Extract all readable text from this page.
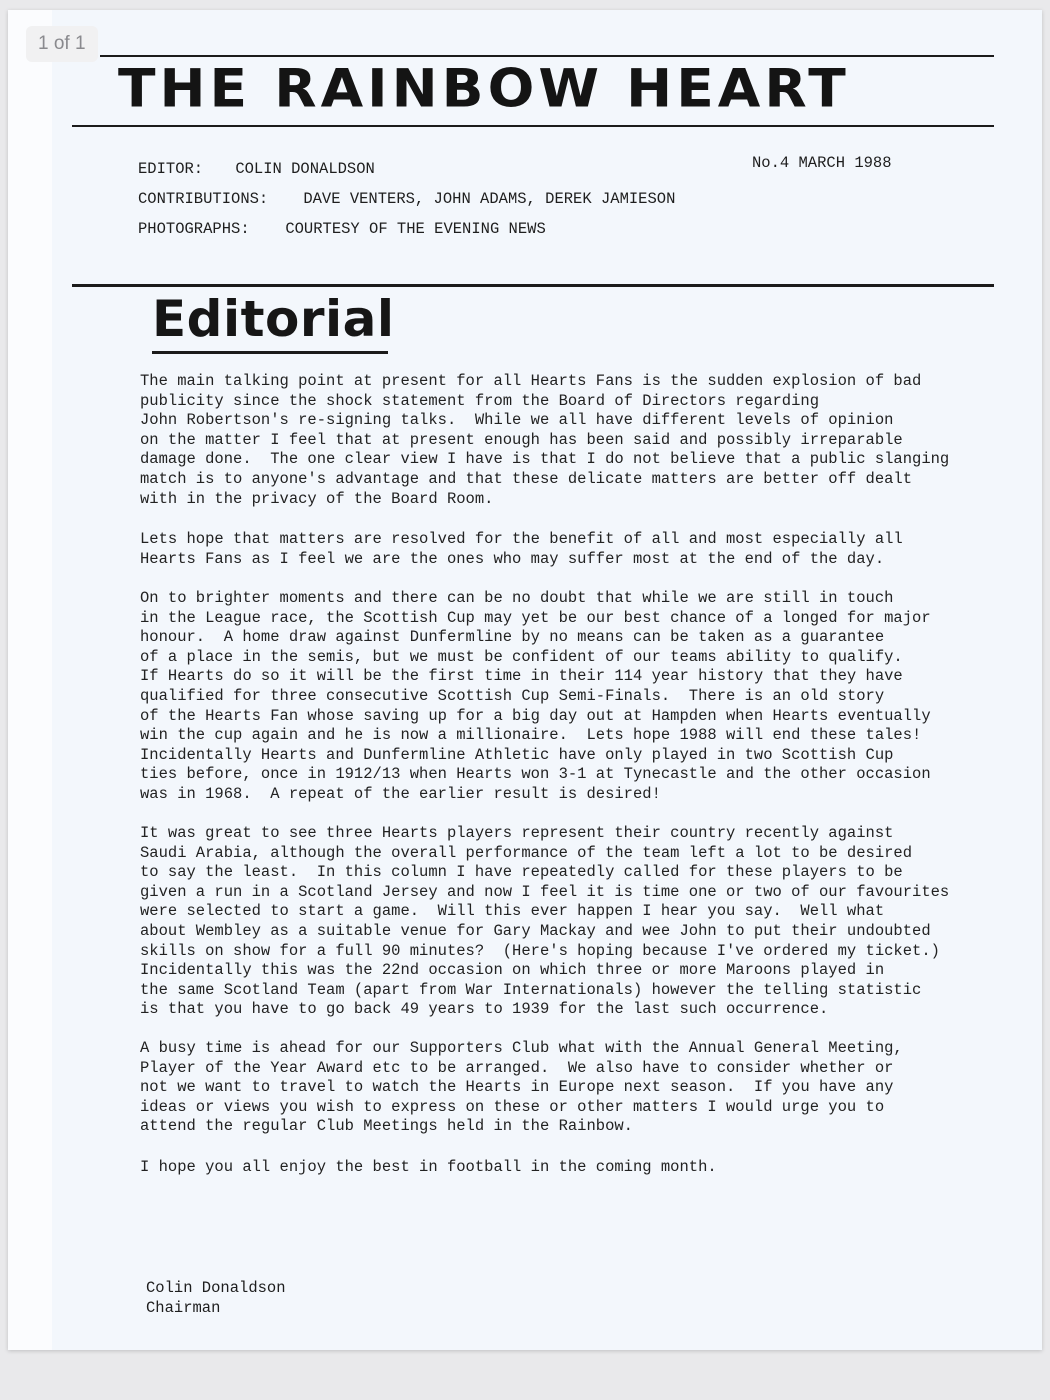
1 of 1
THE RAINBOW HEART
EDITOR: COLIN DONALDSON
CONTRIBUTIONS: DAVE VENTERS, JOHN ADAMS, DEREK JAMIESON
PHOTOGRAPHS: COURTESY OF THE EVENING NEWS
No.4 MARCH 1988
Editorial

The main talking point at present for all Hearts Fans is the sudden explosion of bad
publicity since the shock statement from the Board of Directors regarding
John Robertson's re-signing talks.  While we all have different levels of opinion
on the matter I feel that at present enough has been said and possibly irreparable
damage done.  The one clear view I have is that I do not believe that a public slanging
match is to anyone's advantage and that these delicate matters are better off dealt
with in the privacy of the Board Room.

Lets hope that matters are resolved for the benefit of all and most especially all
Hearts Fans as I feel we are the ones who may suffer most at the end of the day.

On to brighter moments and there can be no doubt that while we are still in touch
in the League race, the Scottish Cup may yet be our best chance of a longed for major
honour.  A home draw against Dunfermline by no means can be taken as a guarantee
of a place in the semis, but we must be confident of our teams ability to qualify.
If Hearts do so it will be the first time in their 114 year history that they have
qualified for three consecutive Scottish Cup Semi-Finals.  There is an old story
of the Hearts Fan whose saving up for a big day out at Hampden when Hearts eventually
win the cup again and he is now a millionaire.  Lets hope 1988 will end these tales!
Incidentally Hearts and Dunfermline Athletic have only played in two Scottish Cup
ties before, once in 1912/13 when Hearts won 3-1 at Tynecastle and the other occasion
was in 1968.  A repeat of the earlier result is desired!

It was great to see three Hearts players represent their country recently against
Saudi Arabia, although the overall performance of the team left a lot to be desired
to say the least.  In this column I have repeatedly called for these players to be
given a run in a Scotland Jersey and now I feel it is time one or two of our favourites
were selected to start a game.  Will this ever happen I hear you say.  Well what
about Wembley as a suitable venue for Gary Mackay and wee John to put their undoubted
skills on show for a full 90 minutes?  (Here's hoping because I've ordered my ticket.)
Incidentally this was the 22nd occasion on which three or more Maroons played in
the same Scotland Team (apart from War Internationals) however the telling statistic
is that you have to go back 49 years to 1939 for the last such occurrence.

A busy time is ahead for our Supporters Club what with the Annual General Meeting,
Player of the Year Award etc to be arranged.  We also have to consider whether or
not we want to travel to watch the Hearts in Europe next season.  If you have any
ideas or views you wish to express on these or other matters I would urge you to
attend the regular Club Meetings held in the Rainbow.

I hope you all enjoy the best in football in the coming month.

Colin Donaldson
Chairman
